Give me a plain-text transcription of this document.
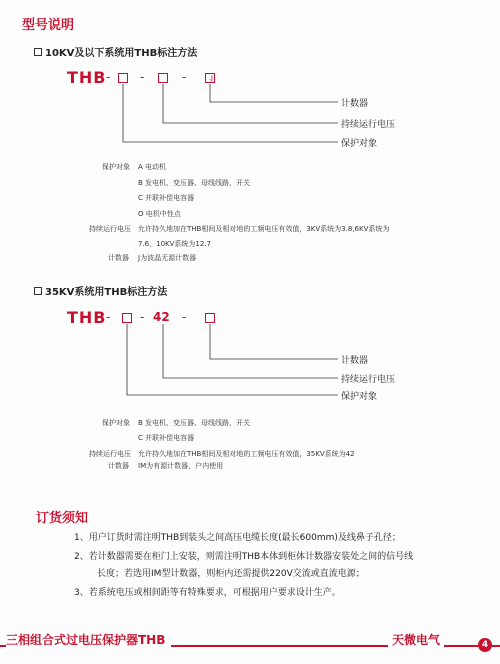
型号说明
10KV及以下系统用THB标注方法
THB - -	-	.J
计数器
持续运行电压
保护对象
保护对象 A 电动机
B 发电机、变压器、母线线路、开关
C 并联补偿电容器
O 电机中性点
持续运行电压 允许持久地加在THB相间及相对地的工频电压有效值，3KV系统为3.8,6KV系统为
7.6，10KV系统为12.7
计数器 J为波晶无源计数器
35KV系统用THB标注方法
THB - - 42 -
计数器
持续运行电压
保护对象
保护对象 B 发电机、变压器、母线线路、开关
C 并联补偿电容器
持续运行电压 允许持久地加在THB相间及相对地的工频电压有效值，35KV系统为42
计数器 IM为有源计数器，户内使用
订货须知
1、用户订货时需注明THB到装头之间高压电缆长度(最长600mm)及线鼻子孔径；
2、若计数器需要在柜门上安装，则需注明THB本体到柜体计数器安装处之间的信号线
长度；若选用IM型计数器，则柜内还需提供220V交流或直流电源；
3、若系统电压或相间距等有特殊要求，可根据用户要求设计生产。
三相组合式过电压保护器THB	天微电气	4
